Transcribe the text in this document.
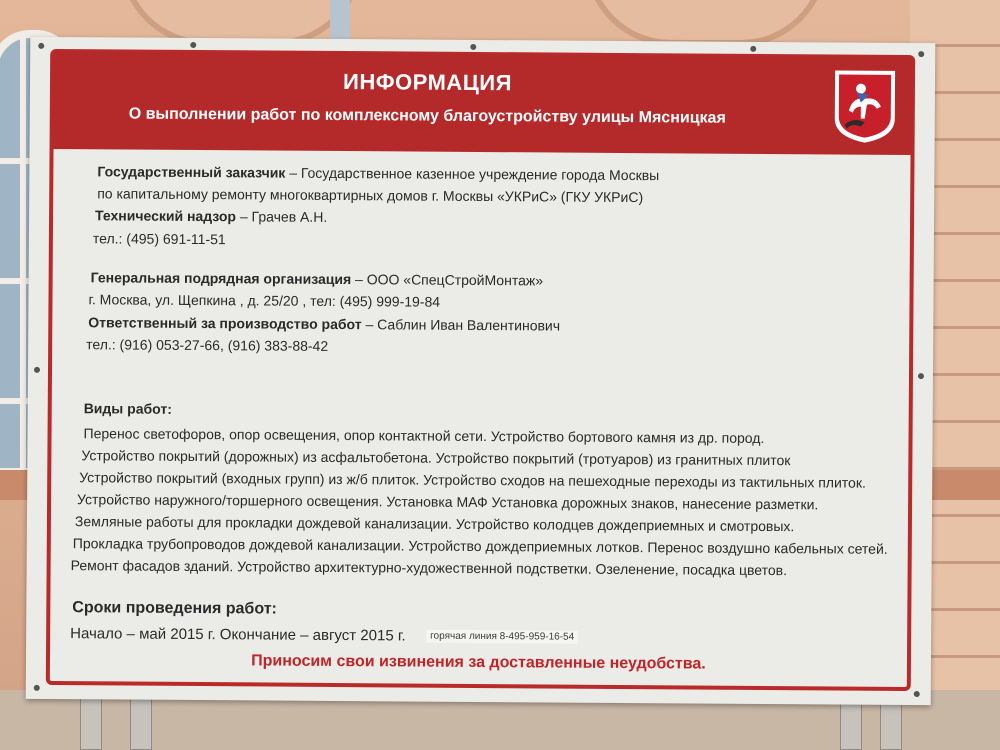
ИНФОРМАЦИЯ
О выполнении работ по комплексному благоустройству улицы Мясницкая
Государственный заказчик – Государственное казенное учреждение города Москвы
по капитальному ремонту многоквартирных домов г. Москвы «УКРиС» (ГКУ УКРиС)
Технический надзор – Грачев А.Н.
тел.: (495) 691-11-51
Генеральная подрядная организация – ООО «СпецСтройМонтаж»
г. Москва, ул. Щепкина , д. 25/20 , тел: (495) 999-19-84
Ответственный за производство работ – Саблин Иван Валентинович
тел.: (916) 053-27-66, (916) 383-88-42
Виды работ:
Перенос светофоров, опор освещения, опор контактной сети. Устройство бортового камня из др. пород.
Устройство покрытий (дорожных) из асфальтобетона. Устройство покрытий (тротуаров) из гранитных плиток
Устройство покрытий (входных групп) из ж/б плиток. Устройство сходов на пешеходные переходы из тактильных плиток.
Устройство наружного/торшерного освещения. Установка МАФ Установка дорожных знаков, нанесение разметки.
Земляные работы для прокладки дождевой канализации. Устройство колодцев дождеприемных и смотровых.
Прокладка трубопроводов дождевой канализации. Устройство дождеприемных лотков. Перенос воздушно кабельных сетей.
Ремонт фасадов зданий. Устройство архитектурно-художественной подстветки. Озеленение, посадка цветов.
Сроки проведения работ:
Начало – май 2015 г. Окончание – август 2015 г.	горячая линия 8-495-959-16-54
Приносим свои извинения за доставленные неудобства.
